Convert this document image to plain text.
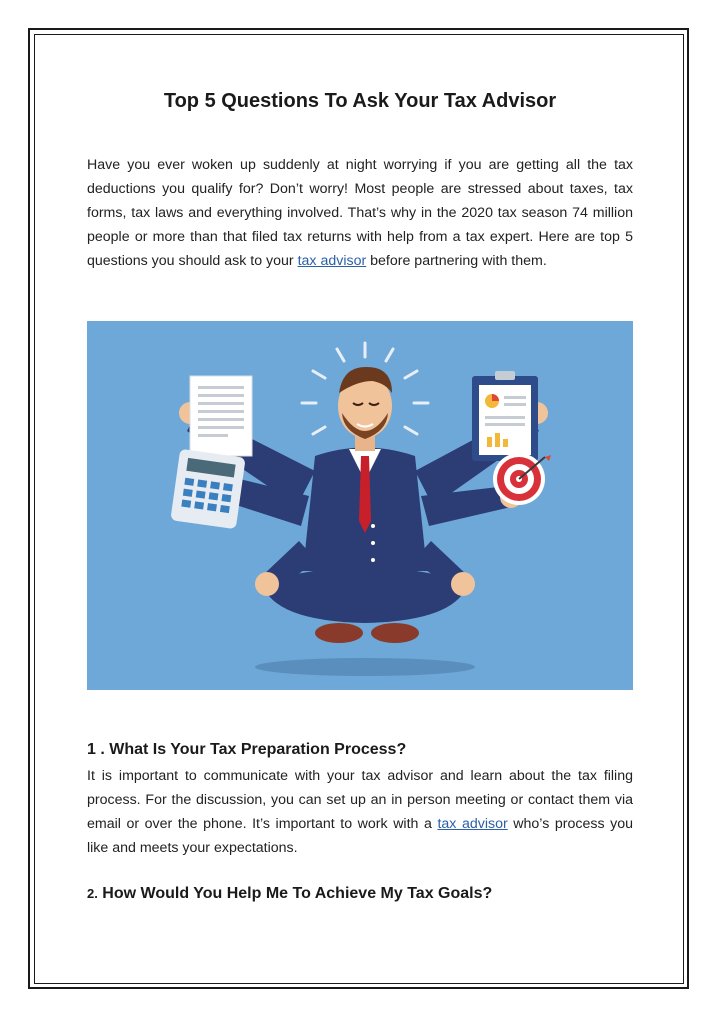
Top 5 Questions To Ask Your Tax Advisor

Have you ever woken up suddenly at night worrying if you are getting all the tax deductions you qualify for? Don’t worry! Most people are stressed about taxes, tax forms, tax laws and everything involved. That’s why in the 2020 tax season 74 million people or more than that filed tax returns with help from a tax expert. Here are top 5 questions you should ask to your tax advisor before partnering with them.

1 . What Is Your Tax Preparation Process?

It is important to communicate with your tax advisor and learn about the tax filing process. For the discussion, you can set up an in person meeting or contact them via email or over the phone. It’s important to work with a tax advisor who’s process you like and meets your expectations.

2. How Would You Help Me To Achieve My Tax Goals?
